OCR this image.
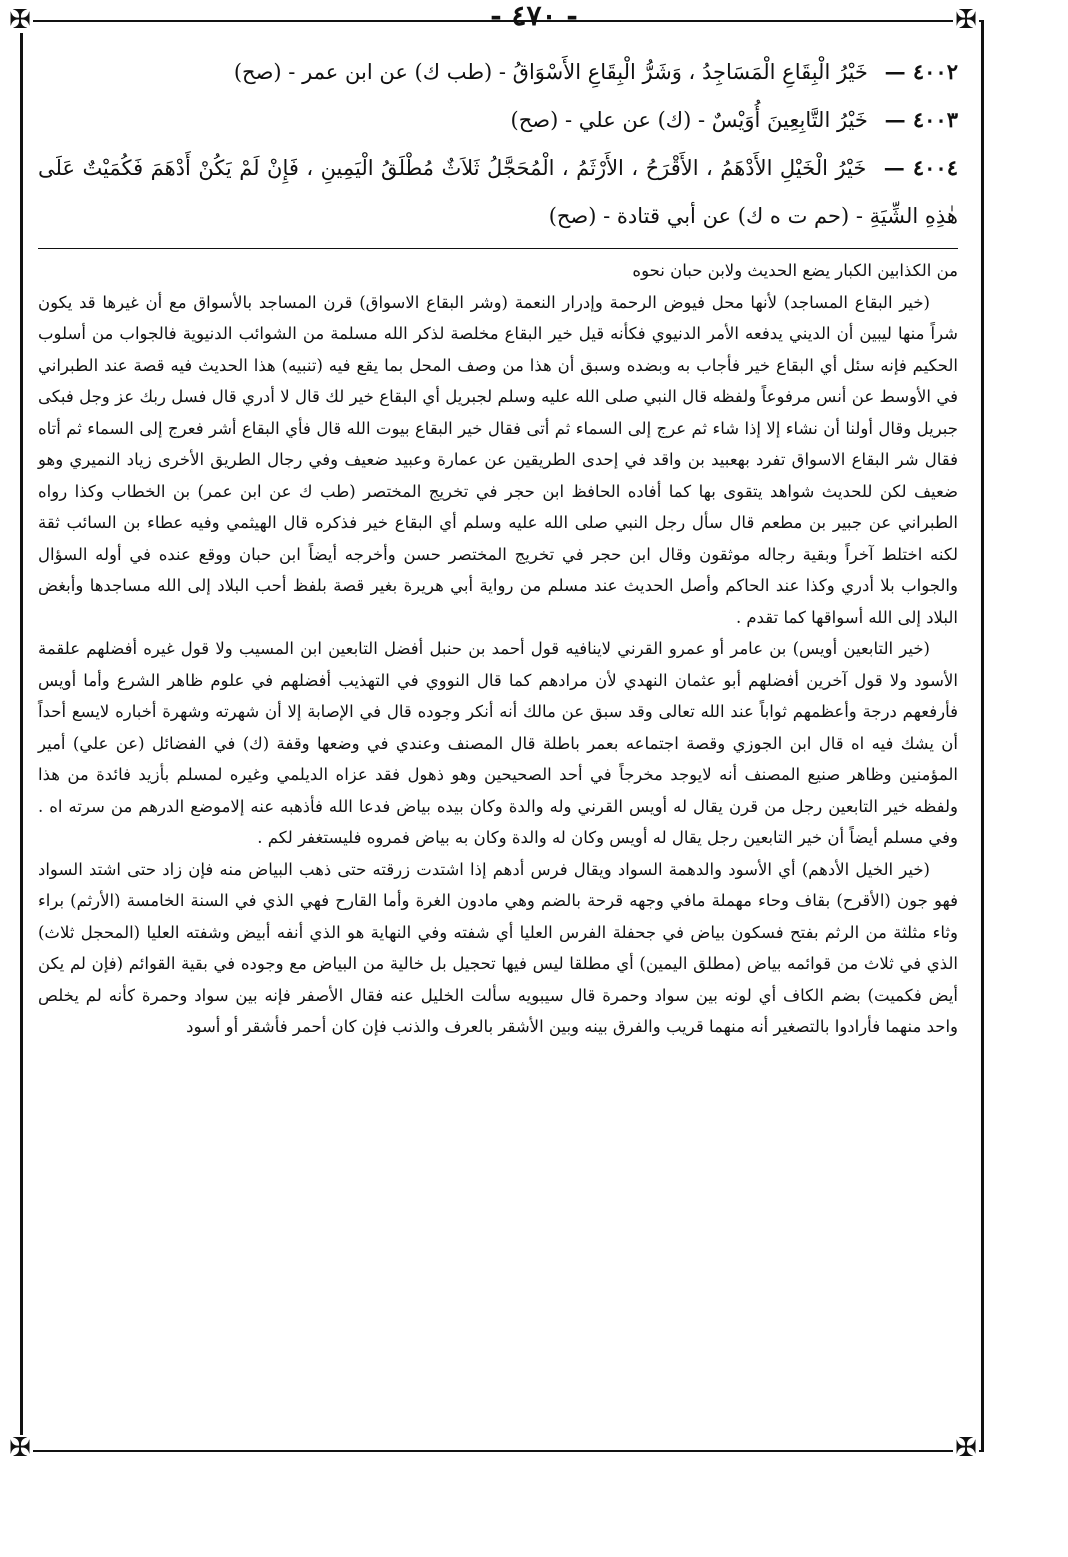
- ٤٧٠ -
✠	✠
✠	✠

٤٠٠٢ — خَيْرُ الْبِقَاعِ الْمَسَاجِدُ ، وَشَرُّ الْبِقَاعِ الأَسْوَاقُ - (طب ك) عن ابن عمر - (صح)

٤٠٠٣ — خَيْرُ التَّابِعِينَ أُوَيْسٌ - (ك) عن علي - (صح)

٤٠٠٤ — خَيْرُ الْخَيْلِ الأَدْهَمُ ، الأَقْرَحُ ، الأَرْثَمُ ، الْمُحَجَّلُ ثَلاَثٌ مُطْلَقُ الْيَمِينِ ، فَإِنْ لَمْ يَكُنْ أَدْهَمَ فَكُمَيْتٌ عَلَى هٰذِهِ الشِّيَةِ - (حم ت ه ك) عن أبي قتادة - (صح)

من الكذابين الكبار يضع الحديث ولابن حبان نحوه

(خير البقاع المساجد) لأنها محل فيوض الرحمة وإدرار النعمة (وشر البقاع الاسواق) قرن المساجد بالأسواق مع أن غيرها قد يكون شراً منها ليبين أن الديني يدفعه الأمر الدنيوي فكأنه قيل خير البقاع مخلصة لذكر الله مسلمة من الشوائب الدنيوية فالجواب من أسلوب الحكيم فإنه سئل أي البقاع خير فأجاب به وبضده وسبق أن هذا من وصف المحل بما يقع فيه (تنبيه) هذا الحديث فيه قصة عند الطبراني في الأوسط عن أنس مرفوعاً ولفظه قال النبي صلى الله عليه وسلم لجبريل أي البقاع خير لك قال لا أدري قال فسل ربك عز وجل فبكى جبريل وقال أولنا أن نشاء إلا إذا شاء ثم عرج إلى السماء ثم أتى فقال خير البقاع بيوت الله قال فأي البقاع أشر فعرج إلى السماء ثم أتاه فقال شر البقاع الاسواق تفرد بهعبيد بن واقد في إحدى الطريقين عن عمارة وعبيد ضعيف وفي رجال الطريق الأخرى زياد النميري وهو ضعيف لكن للحديث شواهد يتقوى بها كما أفاده الحافظ ابن حجر في تخريج المختصر (طب ك عن ابن عمر) بن الخطاب وكذا رواه الطبراني عن جبير بن مطعم قال سأل رجل النبي صلى الله عليه وسلم أي البقاع خير فذكره قال الهيثمي وفيه عطاء بن السائب ثقة لكنه اختلط آخراً وبقية رجاله موثقون وقال ابن حجر في تخريج المختصر حسن وأخرجه أيضاً ابن حبان ووقع عنده في أوله السؤال والجواب بلا أدري وكذا عند الحاكم وأصل الحديث عند مسلم من رواية أبي هريرة بغير قصة بلفظ أحب البلاد إلى الله مساجدها وأبغض البلاد إلى الله أسواقها كما تقدم .

(خير التابعين أويس) بن عامر أو عمرو القرني لاينافيه قول أحمد بن حنبل أفضل التابعين ابن المسيب ولا قول غيره أفضلهم علقمة الأسود ولا قول آخرين أفضلهم أبو عثمان النهدي لأن مرادهم كما قال النووي في التهذيب أفضلهم في علوم ظاهر الشرع وأما أويس فأرفعهم درجة وأعظمهم ثواباً عند الله تعالى وقد سبق عن مالك أنه أنكر وجوده قال في الإصابة إلا أن شهرته وشهرة أخباره لايسع أحداً أن يشك فيه اه قال ابن الجوزي وقصة اجتماعه بعمر باطلة قال المصنف وعندي في وضعها وقفة (ك) في الفضائل (عن علي) أمير المؤمنين وظاهر صنيع المصنف أنه لايوجد مخرجاً في أحد الصحيحين وهو ذهول فقد عزاه الديلمي وغيره لمسلم بأزيد فائدة من هذا ولفظه خير التابعين رجل من قرن يقال له أويس القرني وله والدة وكان بيده بياض فدعا الله فأذهبه عنه إلاموضع الدرهم من سرته اه . وفي مسلم أيضاً أن خير التابعين رجل يقال له أويس وكان له والدة وكان به بياض فمروه فليستغفر لكم .

(خير الخيل الأدهم) أي الأسود والدهمة السواد ويقال فرس أدهم إذا اشتدت زرقته حتى ذهب البياض منه فإن زاد حتى اشتد السواد فهو جون (الأقرح) بقاف وحاء مهملة مافي وجهه قرحة بالضم وهي مادون الغرة وأما القارح فهي الذي في السنة الخامسة (الأرثم) براء وثاء مثلثة من الرثم بفتح فسكون بياض في جحفلة الفرس العليا أي شفته وفي النهاية هو الذي أنفه أبيض وشفته العليا (المحجل ثلاث) الذي في ثلاث من قوائمه بياض (مطلق اليمين) أي مطلقا ليس فيها تحجيل بل خالية من البياض مع وجوده في بقية القوائم (فإن لم يكن أيض فكميت) بضم الكاف أي لونه بين سواد وحمرة قال سيبويه سألت الخليل عنه فقال الأصفر فإنه بين سواد وحمرة كأنه لم يخلص واحد منهما فأرادوا بالتصغير أنه منهما قريب والفرق بينه وبين الأشقر بالعرف والذنب فإن كان أحمر فأشقر أو أسود
